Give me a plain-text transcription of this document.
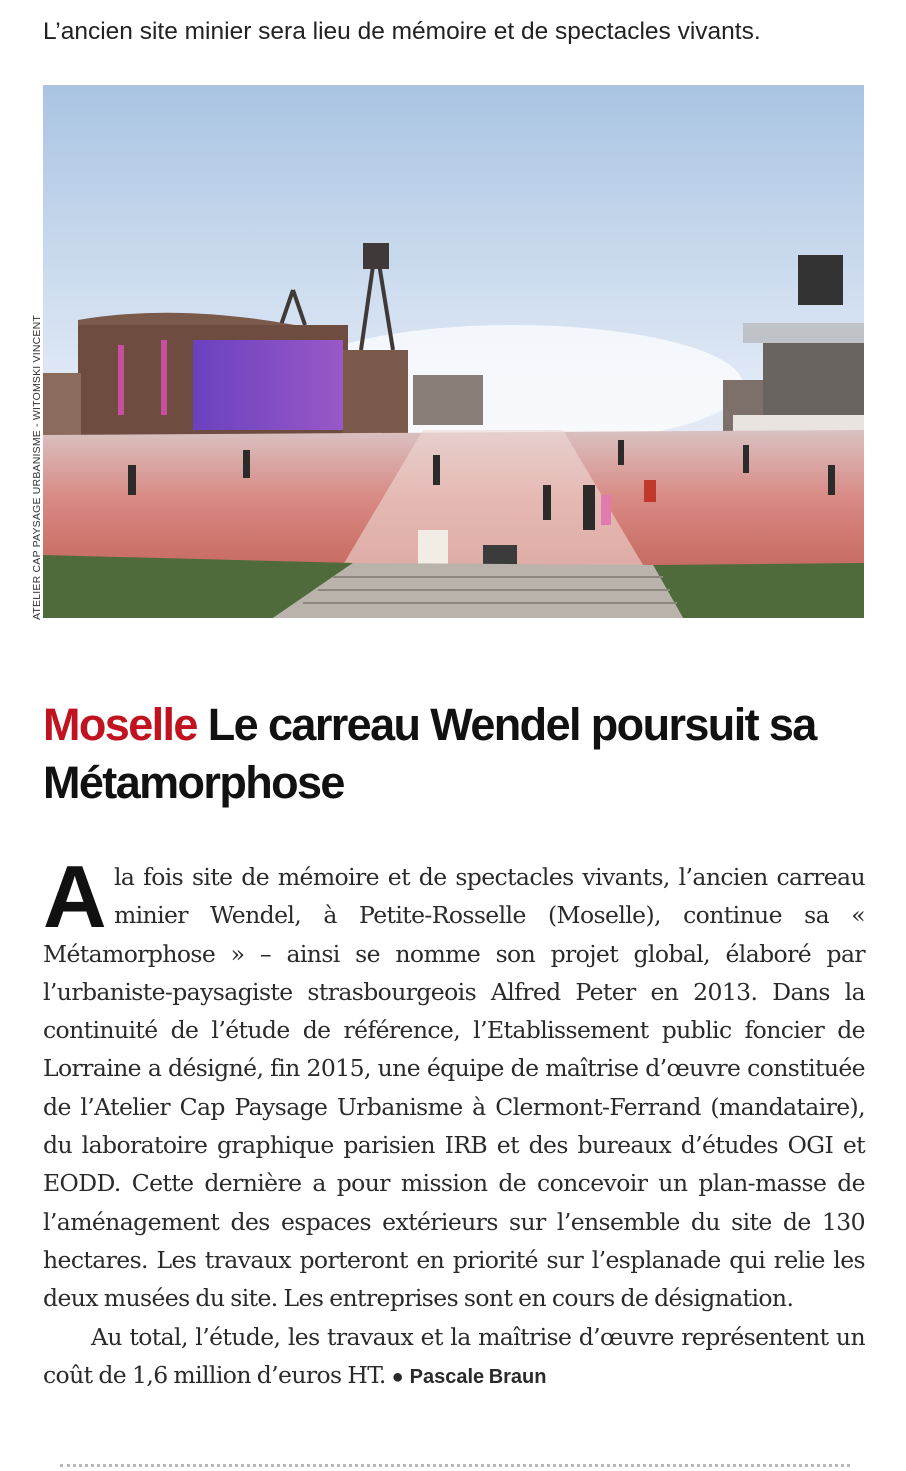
L’ancien site minier sera lieu de mémoire et de spectacles vivants.
ATELIER CAP PAYSAGE URBANISME - WITOMSKI VINCENT
Moselle Le carreau Wendel poursuit sa Métamorphose

A la fois site de mémoire et de spectacles vivants, l’ancien carreau minier Wendel, à Petite-Rosselle (Moselle), continue sa « Métamorphose » – ainsi se nomme son projet global, élaboré par l’urbaniste-paysagiste strasbourgeois Alfred Peter en 2013. Dans la continuité de l’étude de référence, l’Etablissement public foncier de Lorraine a désigné, fin 2015, une équipe de maîtrise d’œuvre constituée de l’Atelier Cap Paysage Urbanisme à Clermont-Ferrand (mandataire), du laboratoire graphique parisien IRB et des bureaux d’études OGI et EODD. Cette dernière a pour mission de concevoir un plan-masse de l’aménagement des espaces extérieurs sur l’ensemble du site de 130 hectares. Les travaux porteront en priorité sur l’esplanade qui relie les deux musées du site. Les entreprises sont en cours de désignation.

Au total, l’étude, les travaux et la maîtrise d’œuvre représentent un coût de 1,6 million d’euros HT. ● Pascale Braun
